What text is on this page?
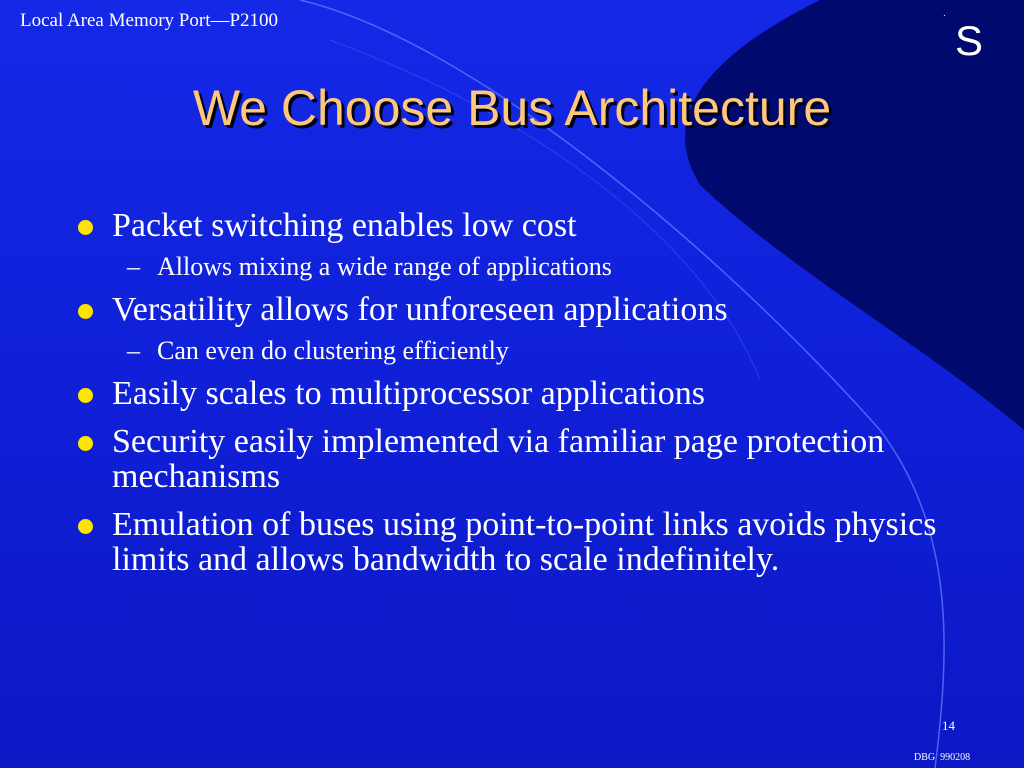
Local Area Memory Port—P2100	.
S
We Choose Bus Architecture
Packet switching enables low cost
– Allows mixing a wide range of applications
Versatility allows for unforeseen applications
– Can even do clustering efficiently
Easily scales to multiprocessor applications
Security easily implemented via familiar page protection mechanisms
Emulation of buses using point-to-point links avoids physics limits and allows bandwidth to scale indefinitely.
14
DBG  990208
